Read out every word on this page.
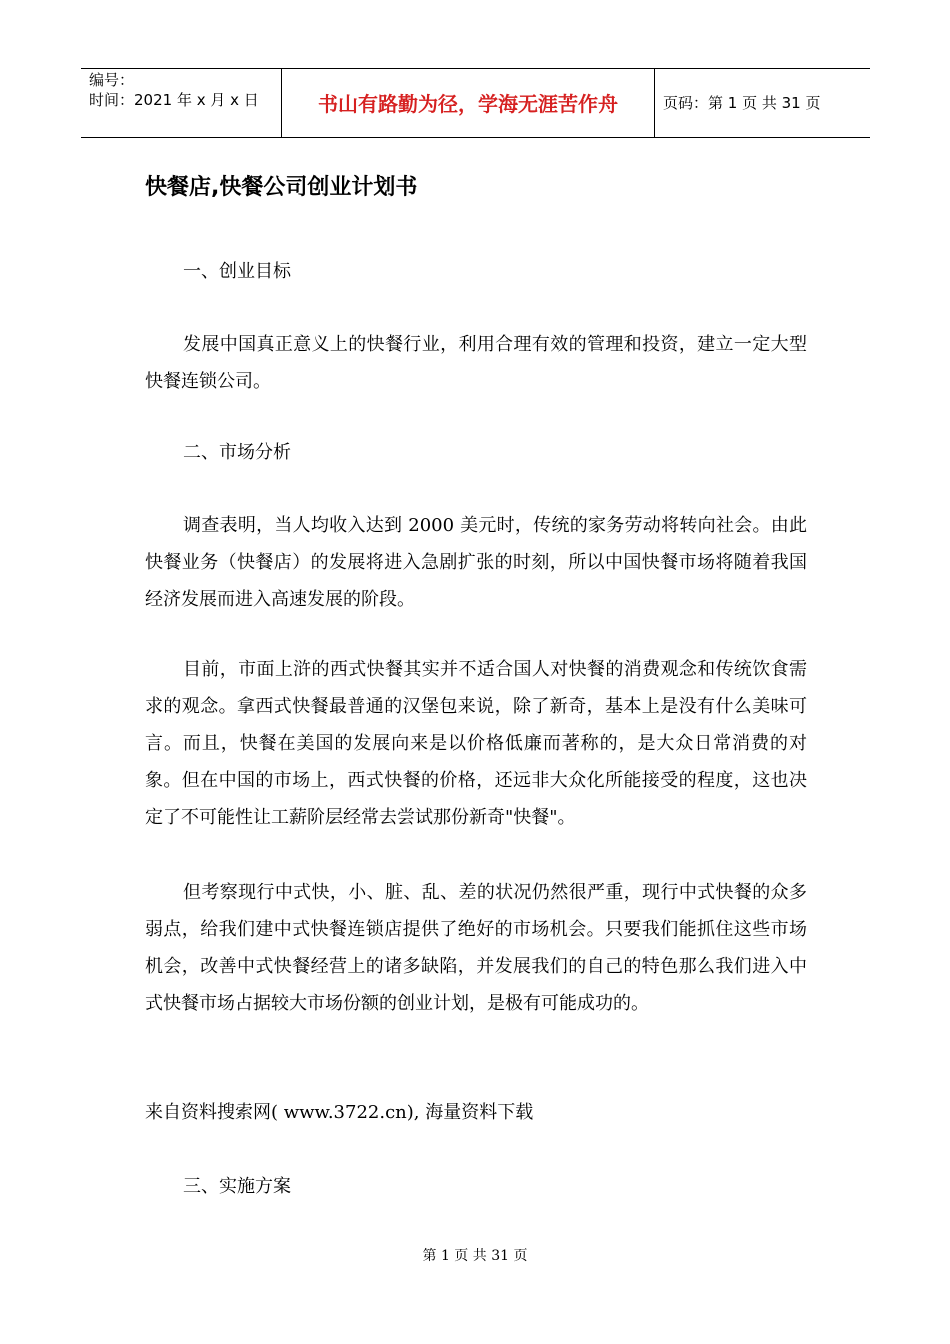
编号：
时间：2021 年 x 月 x 日	书山有路勤为径，学海无涯苦作舟	页码：第 1 页 共 31 页
快餐店,快餐公司创业计划书
一、创业目标
发展中国真正意义上的快餐行业，利用合理有效的管理和投资，建立一定大型快餐连锁公司。
二、市场分析
调查表明，当人均收入达到 2000 美元时，传统的家务劳动将转向社会。由此快餐业务（快餐店）的发展将进入急剧扩张的时刻，所以中国快餐市场将随着我国经济发展而进入高速发展的阶段。
目前，市面上浒的西式快餐其实并不适合国人对快餐的消费观念和传统饮食需求的观念。拿西式快餐最普通的汉堡包来说，除了新奇，基本上是没有什么美味可言。而且，快餐在美国的发展向来是以价格低廉而著称的，是大众日常消费的对象。但在中国的市场上，西式快餐的价格，还远非大众化所能接受的程度，这也决定了不可能性让工薪阶层经常去尝试那份新奇"快餐"。
但考察现行中式快，小、脏、乱、差的状况仍然很严重，现行中式快餐的众多弱点，给我们建中式快餐连锁店提供了绝好的市场机会。只要我们能抓住这些市场机会，改善中式快餐经营上的诸多缺陷，并发展我们的自己的特色那么我们进入中式快餐市场占据较大市场份额的创业计划，是极有可能成功的。
来自资料搜索网( www.3722.cn), 海量资料下载
三、实施方案
第 1 页 共 31 页
